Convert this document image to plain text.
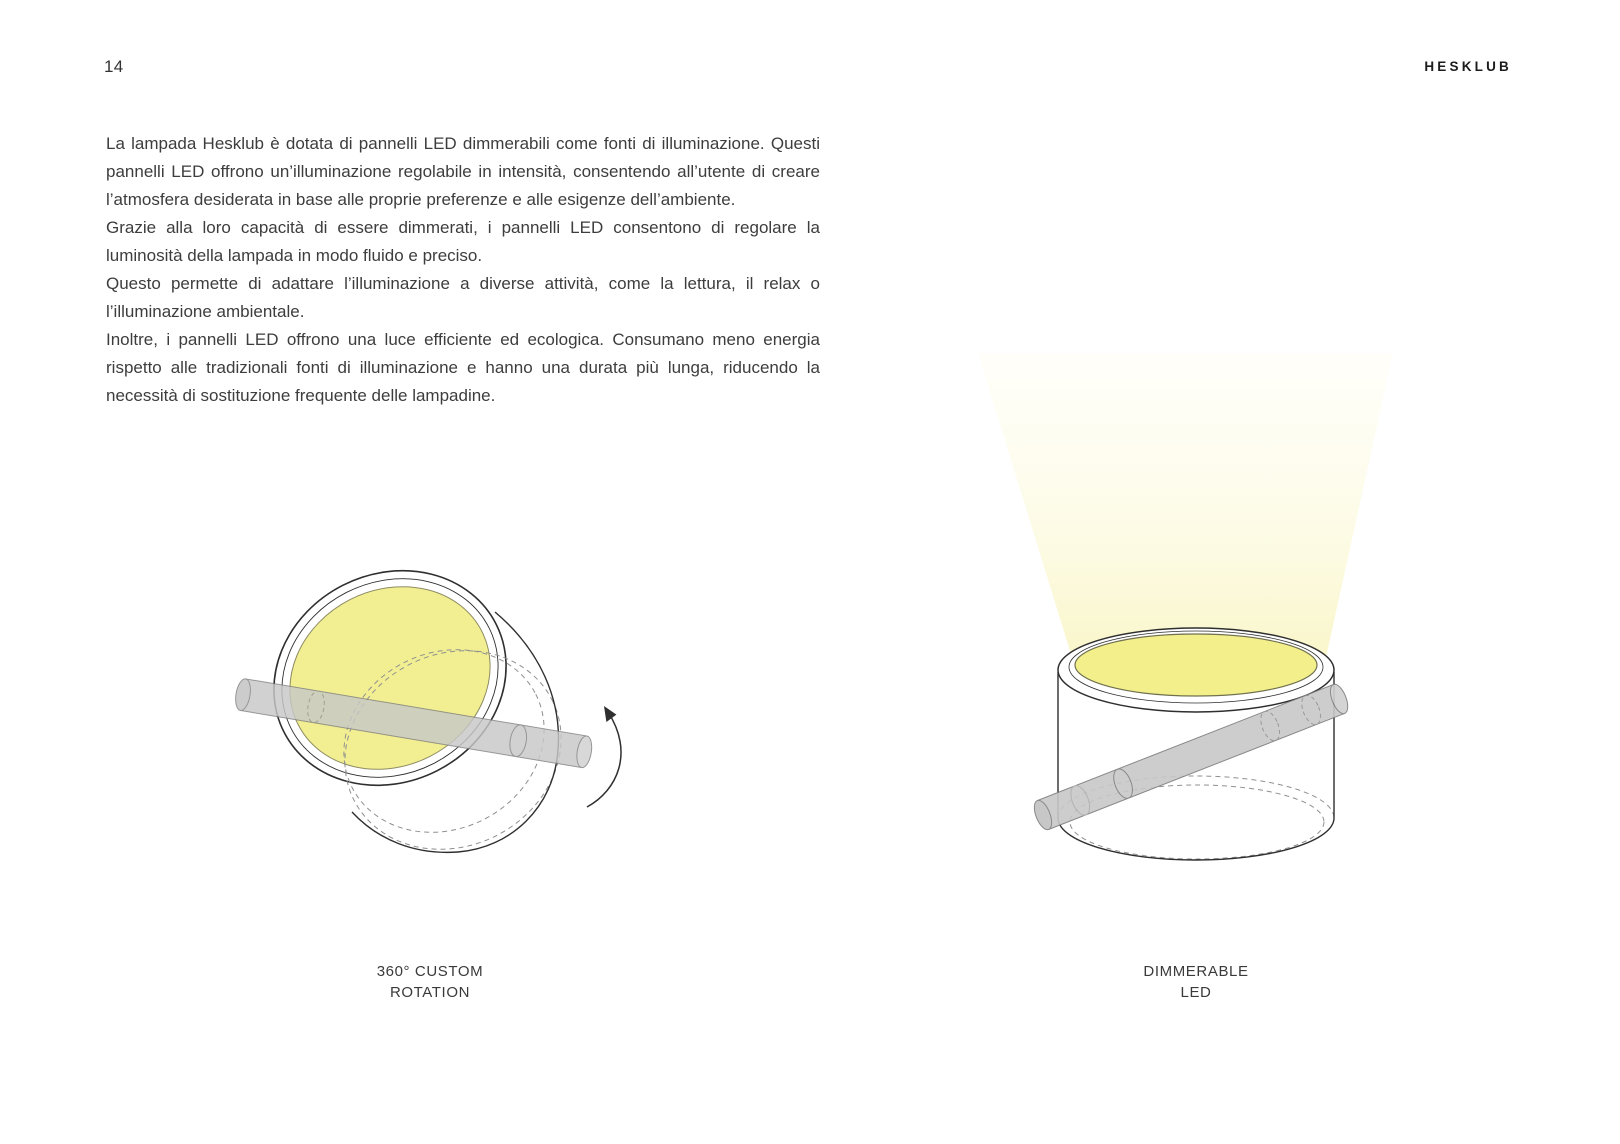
14	HESKLUB

La lampada Hesklub è dotata di pannelli LED dimmerabili come fonti di illuminazione. Questi pannelli LED offrono un’illuminazione regolabile in intensità, consentendo all’utente di creare l’atmosfera desiderata in base alle proprie preferenze e alle esigenze dell’ambiente.

Grazie alla loro capacità di essere dimmerati, i pannelli LED consentono di regolare la luminosità della lampada in modo fluido e preciso.

Questo permette di adattare l’illuminazione a diverse attività, come la lettura, il relax o l’illuminazione ambientale.

Inoltre, i pannelli LED offrono una luce efficiente ed ecologica. Consumano meno energia rispetto alle tradizionali fonti di illuminazione e hanno una durata più lunga, riducendo la necessità di sostituzione frequente delle lampadine.

360° CUSTOM
ROTATION
DIMMERABLE
LED
